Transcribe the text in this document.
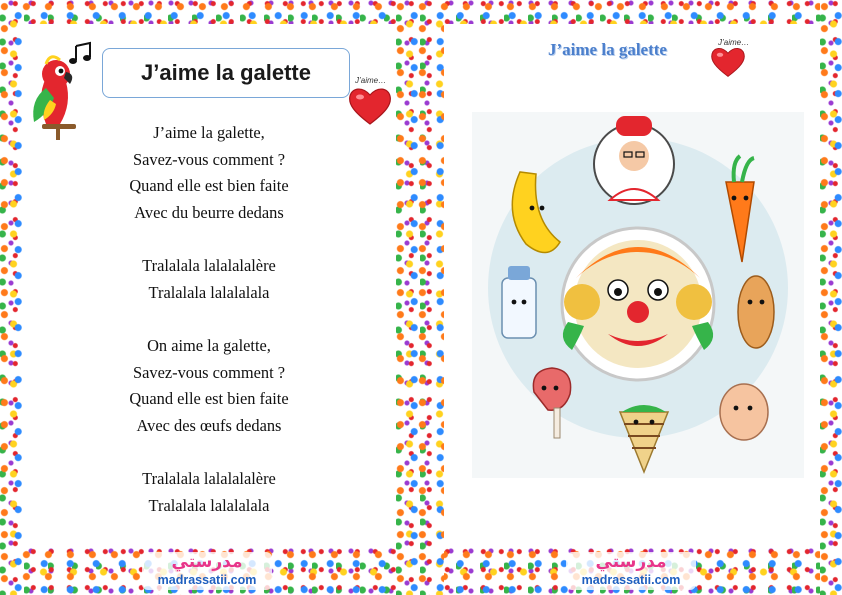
J’aime la galette	J’aime…
J’aime la galette,
Savez-vous comment ?
Quand elle est bien faite
Avec du beurre dedans
Tralalala lalalalalère
Tralalala lalalalala
On aime la galette,
Savez-vous comment ?
Quand elle est bien faite
Avec des œufs dedans
Tralalala lalalalalère
Tralalala lalalalala
J’aime la galette	J’aime…
مدرستي
madrassatii.com
مدرستي
madrassatii.com
